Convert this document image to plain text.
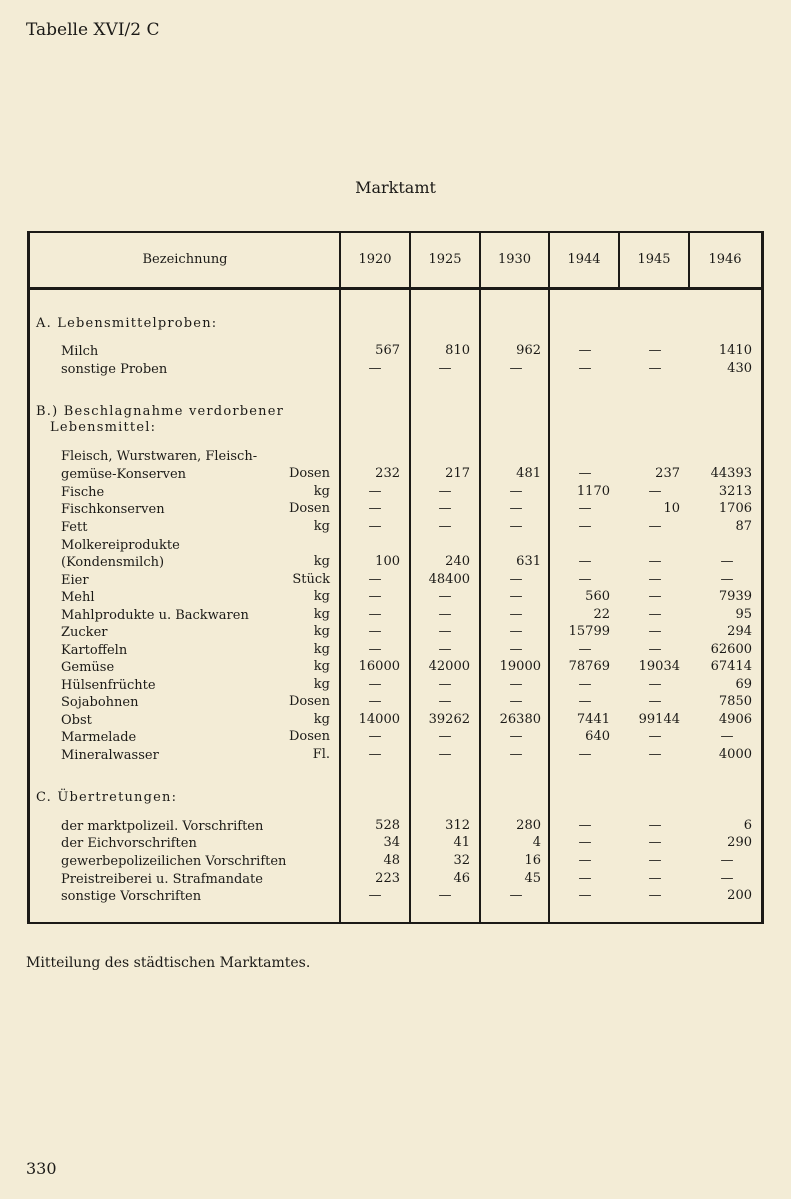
Tabelle XVI/2 C
Marktamt
Bezeichnung	1920	1925	1930	1944	1945	1946
A. Lebensmittelproben:
B.) Beschlagnahme verdorbener
Lebensmittel:
C. Übertretungen:
Milch	567	810	962	—	—	1410
sonstige Proben	—	—	—	—	—	430
Fleisch, Wurstwaren, Fleisch-
gemüse-Konserven	Dosen	232	217	481	—	237	44393
Fische	kg	—	—	—	1170	—	3213
Fischkonserven	Dosen	—	—	—	—	10	1706
Fett	kg	—	—	—	—	—	87
Molkereiprodukte
(Kondensmilch)	kg	100	240	631	—	—	—
Eier	Stück	—	48400	—	—	—	—
Mehl	kg	—	—	—	560	—	7939
Mahlprodukte u. Backwaren	kg	—	—	—	22	—	95
Zucker	kg	—	—	—	15799	—	294
Kartoffeln	kg	—	—	—	—	—	62600
Gemüse	kg	16000	42000	19000	78769	19034	67414
Hülsenfrüchte	kg	—	—	—	—	—	69
Sojabohnen	Dosen	—	—	—	—	—	7850
Obst	kg	14000	39262	26380	7441	99144	4906
Marmelade	Dosen	—	—	—	640	—	—
Mineralwasser	Fl.	—	—	—	—	—	4000
der marktpolizeil. Vorschriften	528	312	280	—	—	6
der Eichvorschriften	34	41	4	—	—	290
gewerbepolizeilichen Vorschriften	48	32	16	—	—	—
Preistreiberei u. Strafmandate	223	46	45	—	—	—
sonstige Vorschriften	—	—	—	—	—	200
Mitteilung des städtischen Marktamtes.
330
